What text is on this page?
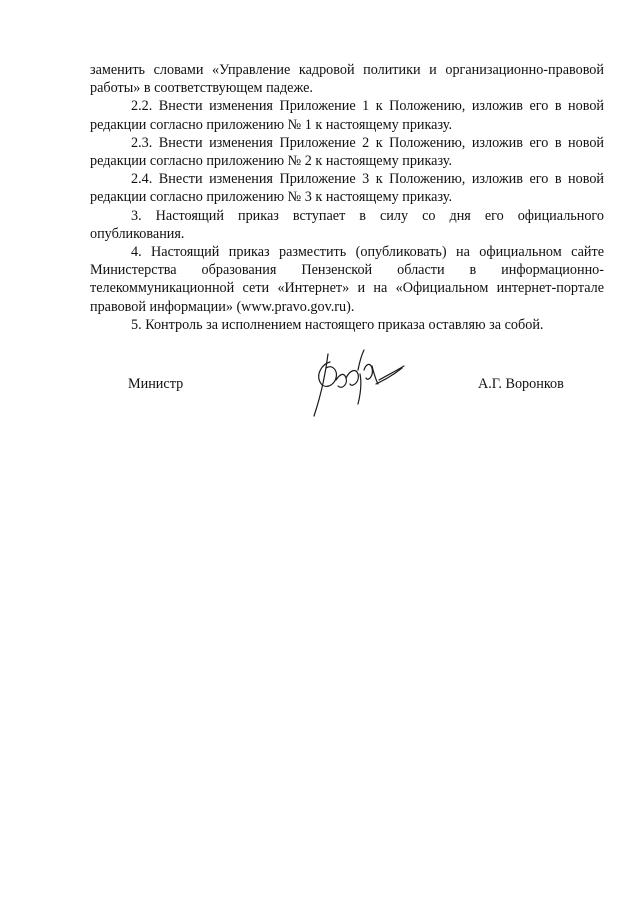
заменить словами «Управление кадровой политики и организационно-правовой работы» в соответствующем падеже.

2.2. Внести изменения Приложение 1 к Положению, изложив его в новой редакции согласно приложению № 1 к настоящему приказу.

2.3. Внести изменения Приложение 2 к Положению, изложив его в новой редакции согласно приложению № 2 к настоящему приказу.

2.4. Внести изменения Приложение 3 к Положению, изложив его в новой редакции согласно приложению № 3 к настоящему приказу.

3. Настоящий приказ вступает в силу со дня его официального опубликования.

4. Настоящий приказ разместить (опубликовать) на официальном сайте Министерства образования Пензенской области в информационно-телекоммуникационной сети «Интернет» и на «Официальном интернет-портале правовой информации» (www.pravo.gov.ru).

5. Контроль за исполнением настоящего приказа оставляю за собой.

Министр	А.Г. Воронков
